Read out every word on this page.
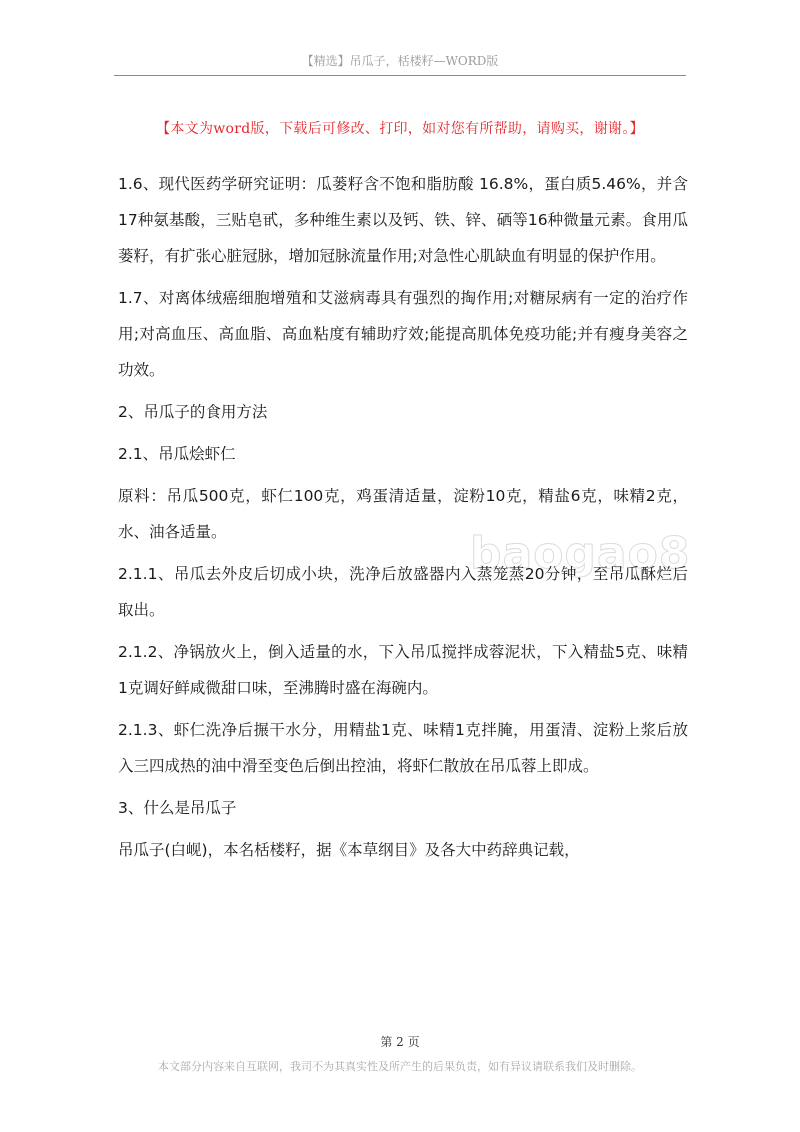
【精选】吊瓜子，栝楼籽—WORD版
【本文为word版，下载后可修改、打印，如对您有所帮助，请购买，谢谢。】
baogao8

1.6、现代医药学研究证明：瓜蒌籽含不饱和脂肪酸 16.8%，蛋白质5.46%，并含17种氨基酸，三贴皂甙，多种维生素以及钙、铁、锌、硒等16种微量元素。食用瓜蒌籽，有扩张心脏冠脉，增加冠脉流量作用;对急性心肌缺血有明显的保护作用。

1.7、对离体绒癌细胞增殖和艾滋病毒具有强烈的掏作用;对糖尿病有一定的治疗作用;对高血压、高血脂、高血粘度有辅助疗效;能提高肌体免疫功能;并有瘦身美容之功效。

2、吊瓜子的食用方法

2.1、吊瓜烩虾仁

原料：吊瓜500克，虾仁100克，鸡蛋清适量，淀粉10克，精盐6克，味精2克，水、油各适量。

2.1.1、吊瓜去外皮后切成小块，洗净后放盛器内入蒸笼蒸20分钟，至吊瓜酥烂后取出。

2.1.2、净锅放火上，倒入适量的水，下入吊瓜搅拌成蓉泥状，下入精盐5克、味精1克调好鲜咸微甜口味，至沸腾时盛在海碗内。

2.1.3、虾仁洗净后搌干水分，用精盐1克、味精1克拌腌，用蛋清、淀粉上浆后放入三四成热的油中滑至变色后倒出控油，将虾仁散放在吊瓜蓉上即成。

3、什么是吊瓜子

吊瓜子(白岘)，本名栝楼籽，据《本草纲目》及各大中药辞典记载，

第 2 页
本文部分内容来自互联网，我司不为其真实性及所产生的后果负责，如有异议请联系我们及时删除。
